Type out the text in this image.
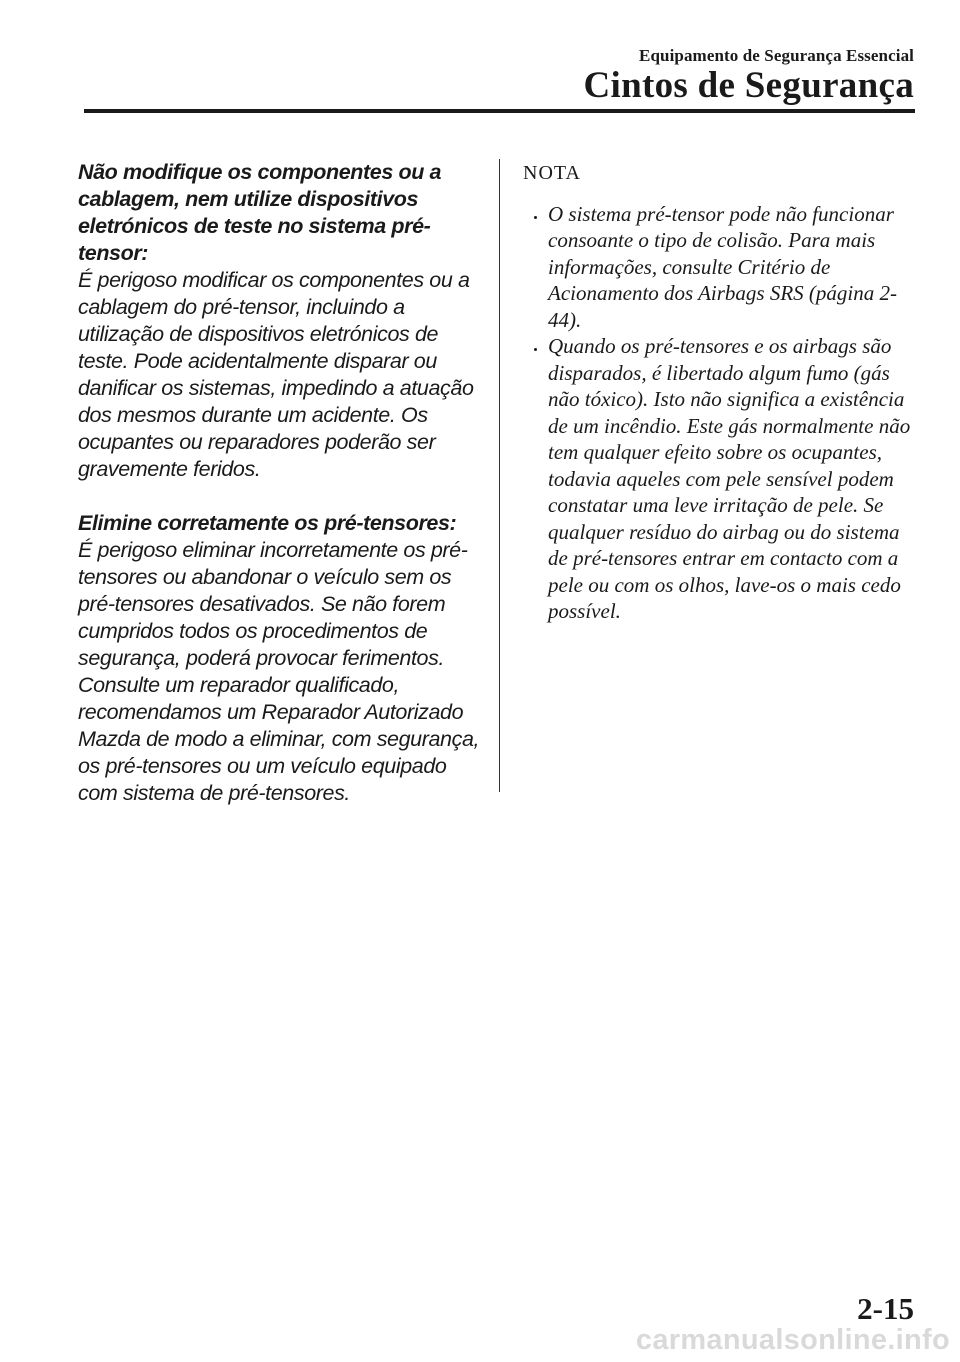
Equipamento de Segurança Essencial
Cintos de Segurança
Não modifique os componentes ou a cablagem, nem utilize dispositivos eletrónicos de teste no sistema pré-tensor:
É perigoso modificar os componentes ou a cablagem do pré-tensor, incluindo a utilização de dispositivos eletrónicos de teste. Pode acidentalmente disparar ou danificar os sistemas, impedindo a atuação dos mesmos durante um acidente. Os ocupantes ou reparadores poderão ser gravemente feridos.
Elimine corretamente os pré-tensores:
É perigoso eliminar incorretamente os pré-tensores ou abandonar o veículo sem os pré-tensores desativados. Se não forem cumpridos todos os procedimentos de segurança, poderá provocar ferimentos. Consulte um reparador qualificado, recomendamos um Reparador Autorizado Mazda de modo a eliminar, com segurança, os pré-tensores ou um veículo equipado com sistema de pré-tensores.
NOTA
O sistema pré-tensor pode não funcionar consoante o tipo de colisão. Para mais informações, consulte Critério de Acionamento dos Airbags SRS (página 2-44).
Quando os pré-tensores e os airbags são disparados, é libertado algum fumo (gás não tóxico). Isto não significa a existência de um incêndio. Este gás normalmente não tem qualquer efeito sobre os ocupantes, todavia aqueles com pele sensível podem constatar uma leve irritação de pele. Se qualquer resíduo do airbag ou do sistema de pré-tensores entrar em contacto com a pele ou com os olhos, lave-os o mais cedo possível.
2-15
carmanualsonline.info
